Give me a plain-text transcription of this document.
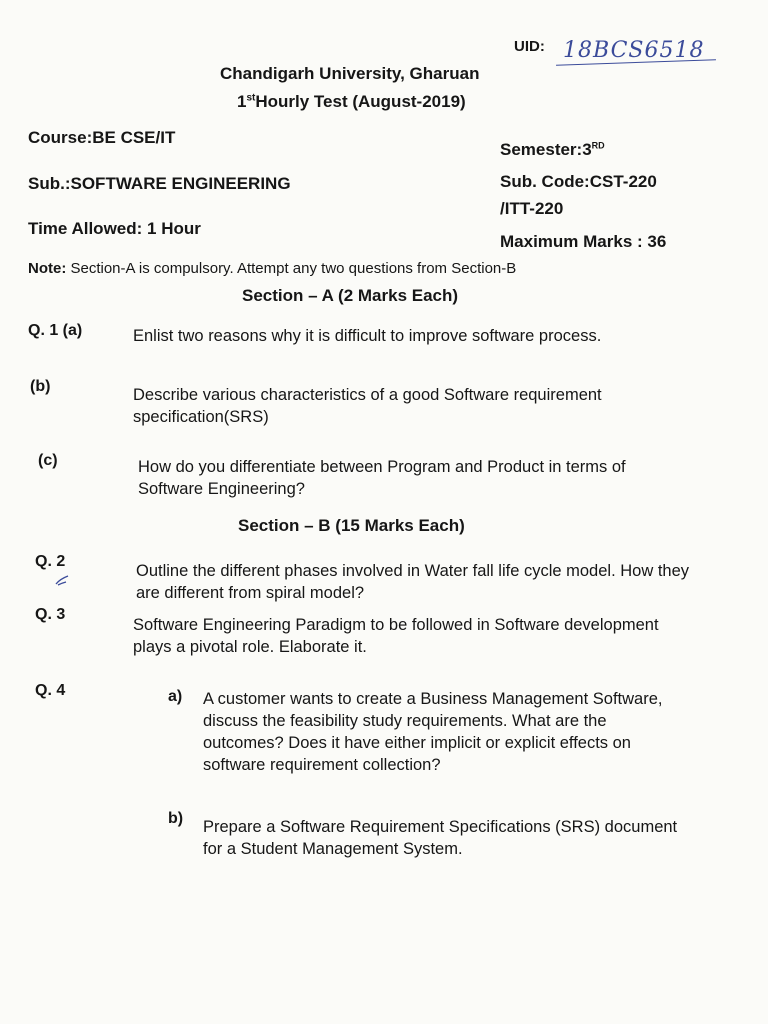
UID: 18BCS6518
Chandigarh University, Gharuan
1stHourly Test (August-2019)
Course:BE CSE/IT
Semester:3RD
Sub.:SOFTWARE ENGINEERING	Sub. Code:CST-220
/ITT-220
Time Allowed: 1 Hour
Maximum Marks : 36
Note: Section-A is compulsory. Attempt any two questions from Section-B
Section – A (2 Marks Each)
Q. 1 (a)	Enlist two reasons why it is difficult to improve software process.
(b)	Describe various characteristics of a good Software requirement specification(SRS)
(c)	How do you differentiate between Program and Product in terms of Software Engineering?
Section – B (15 Marks Each)
Q. 2
Outline the different phases involved in Water fall life cycle model. How they are different from spiral model?
Q. 3
Software Engineering Paradigm to be followed in Software development plays a pivotal role. Elaborate it.
Q. 4	a) A customer wants to create a Business Management Software, discuss the feasibility study requirements. What are the outcomes? Does it have either implicit or explicit effects on software requirement collection?
b) Prepare a Software Requirement Specifications (SRS) document for a Student Management System.
